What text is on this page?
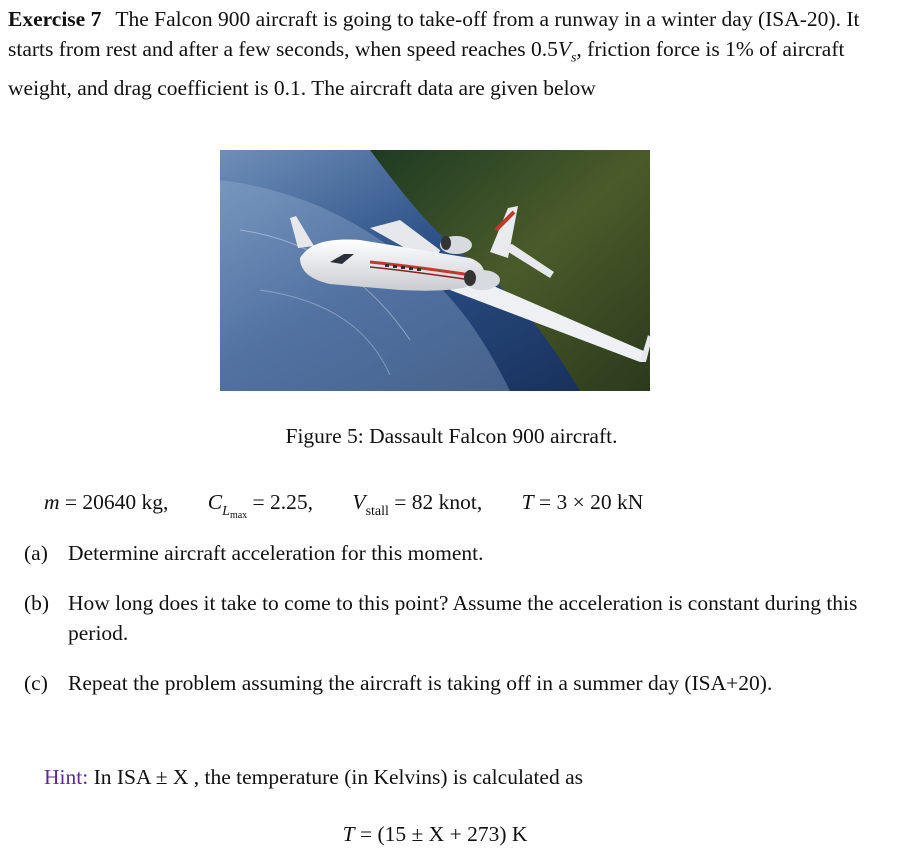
Exercise 7 The Falcon 900 aircraft is going to take-off from a runway in a winter day (ISA-20). It starts from rest and after a few seconds, when speed reaches $0.5V_s$, friction force is 1% of aircraft weight, and drag coefficient is 0.1. The aircraft data are given below

Figure 5: Dassault Falcon 900 aircraft.
m = 20640 kg, $C_{L_{max}} = 2.25$, $V_{stall} = 82$ knot, T = 3 × 20 kN
(a) Determine aircraft acceleration for this moment.
(b) How long does it take to come to this point? Assume the acceleration is constant during this period.
(c) Repeat the problem assuming the aircraft is taking off in a summer day (ISA+20).
Hint: In ISA ± X , the temperature (in Kelvins) is calculated as
T = (15 ± X + 273) K
